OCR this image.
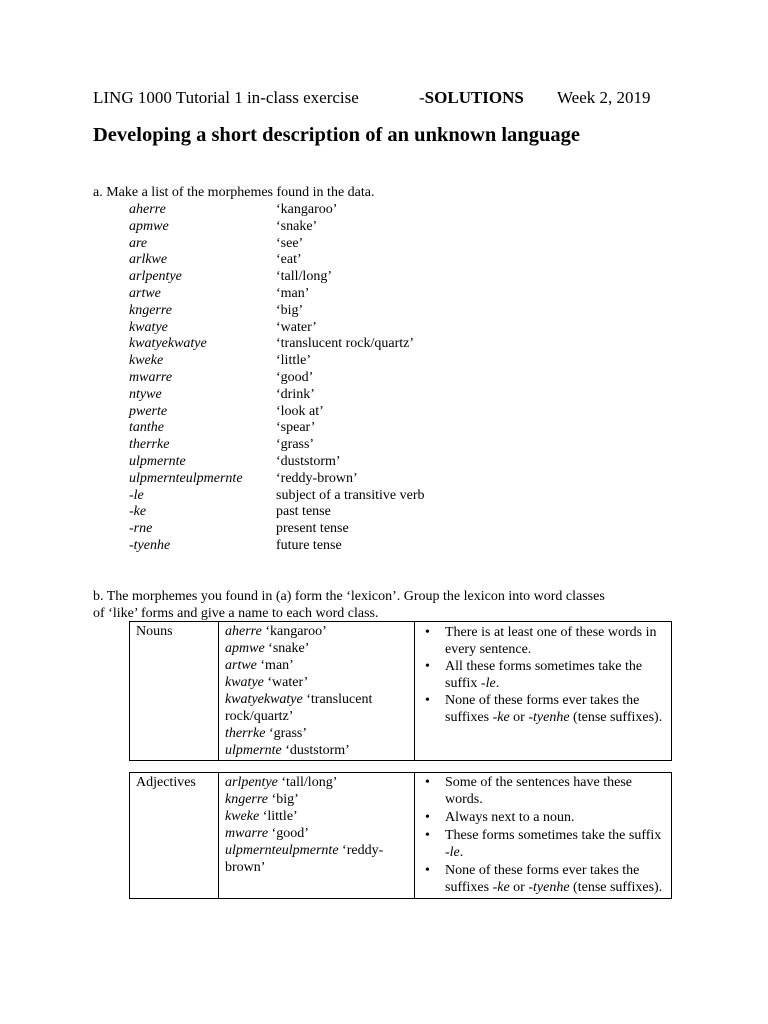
LING 1000 Tutorial 1 in-class exercise	-SOLUTIONS Week 2, 2019
Developing a short description of an unknown language
a. Make a list of the morphemes found in the data.
aherre	‘kangaroo’
apmwe	‘snake’
are	‘see’
arlkwe	‘eat’
arlpentye	‘tall/long’
artwe	‘man’
kngerre	‘big’
kwatye	‘water’
kwatyekwatye	‘translucent rock/quartz’
kweke	‘little’
mwarre	‘good’
ntywe	‘drink’
pwerte	‘look at’
tanthe	‘spear’
therrke	‘grass’
ulpmernte	‘duststorm’
ulpmernteulpmernte ‘reddy-brown’
-le	subject of a transitive verb
-ke	past tense
-rne	present tense
-tyenhe	future tense
b. The morphemes you found in (a) form the ‘lexicon’. Group the lexicon into word classes
of ‘like’ forms and give a name to each word class.
Nouns	aherre ‘kangaroo’
apmwe ‘snake’
artwe ‘man’
kwatye ‘water’
kwatyekwatye ‘translucent rock/quartz’
therrke ‘grass’
ulpmernte ‘duststorm’

• There is at least one of these words in every sentence.
• All these forms sometimes take the suffix -le.
• None of these forms ever takes the suffixes -ke or -tyenhe (tense suffixes).
Adjectives	arlpentye ‘tall/long’
kngerre ‘big’
kweke ‘little’
mwarre ‘good’
ulpmernteulpmernte ‘reddy-brown’

• Some of the sentences have these words.
• Always next to a noun.
• These forms sometimes take the suffix -le.
• None of these forms ever takes the suffixes -ke or -tyenhe (tense suffixes).
